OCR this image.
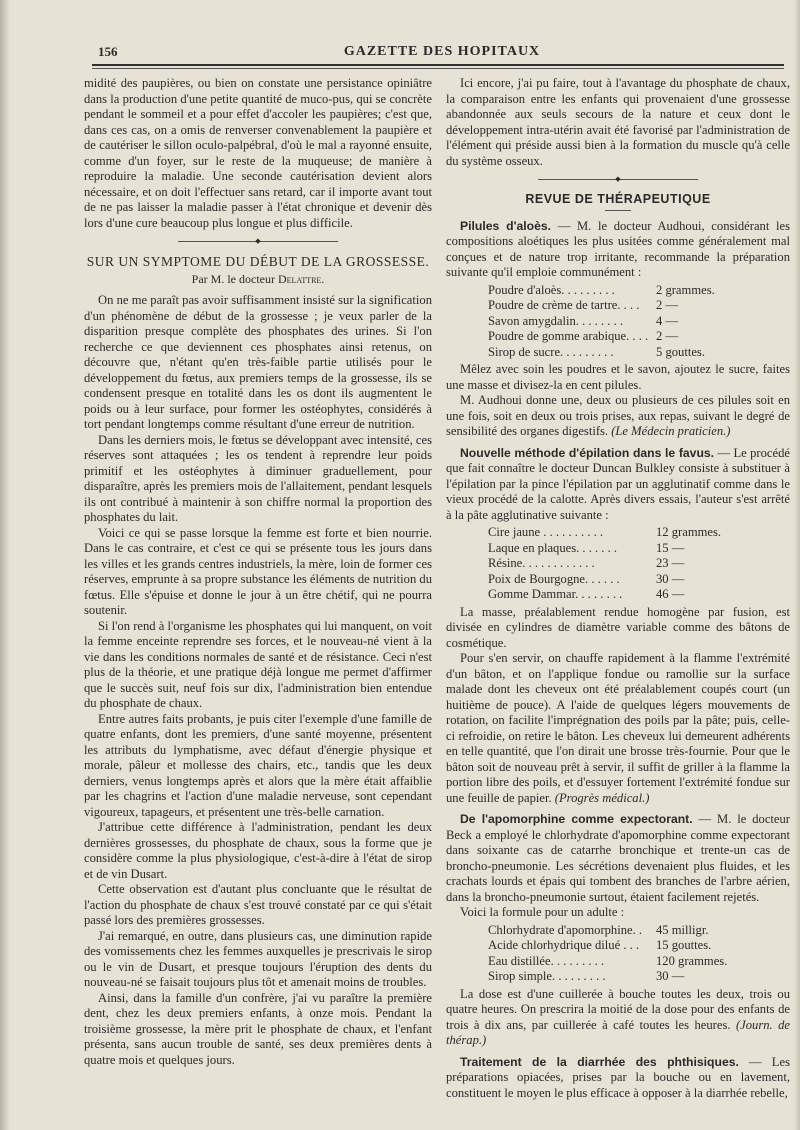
156	GAZETTE DES HOPITAUX

midité des paupières, ou bien on constate une persistance opiniâtre dans la production d'une petite quantité de muco-pus, qui se concrète pendant le sommeil et a pour effet d'accoler les paupières; c'est que, dans ces cas, on a omis de renverser convenablement la paupière et de cautériser le sillon oculo-palpébral, d'où le mal a rayonné ensuite, comme d'un foyer, sur le reste de la muqueuse; de manière à reproduire la maladie. Une seconde cautérisation devient alors nécessaire, et on doit l'effectuer sans retard, car il importe avant tout de ne pas laisser la maladie passer à l'état chronique et devenir dès lors d'une cure beaucoup plus longue et plus difficile.

◆
SUR UN SYMPTOME DU DÉBUT DE LA GROSSESSE.
Par M. le docteur Delattre.

On ne me paraît pas avoir suffisamment insisté sur la signification d'un phénomène de début de la grossesse ; je veux parler de la disparition presque complète des phosphates des urines. Si l'on recherche ce que deviennent ces phosphates ainsi retenus, on découvre que, n'étant qu'en très-faible partie utilisés pour le développement du fœtus, aux premiers temps de la grossesse, ils se condensent presque en totalité dans les os dont ils augmentent le poids ou à leur surface, pour former les ostéophytes, considérés à tort pendant longtemps comme résultant d'une erreur de nutrition.

Dans les derniers mois, le fœtus se développant avec intensité, ces réserves sont attaquées ; les os tendent à reprendre leur poids primitif et les ostéophytes à diminuer graduellement, pour disparaître, après les premiers mois de l'allaitement, pendant lesquels ils ont contribué à maintenir à son chiffre normal la proportion des phosphates du lait.

Voici ce qui se passe lorsque la femme est forte et bien nourrie. Dans le cas contraire, et c'est ce qui se présente tous les jours dans les villes et les grands centres industriels, la mère, loin de former ces réserves, emprunte à sa propre substance les éléments de nutrition du fœtus. Elle s'épuise et donne le jour à un être chétif, qui ne pourra soutenir.

Si l'on rend à l'organisme les phosphates qui lui manquent, on voit la femme enceinte reprendre ses forces, et le nouveau-né vient à la vie dans les conditions normales de santé et de résistance. Ceci n'est plus de la théorie, et une pratique déjà longue me permet d'affirmer que le succès suit, neuf fois sur dix, l'administration bien entendue du phosphate de chaux.

Entre autres faits probants, je puis citer l'exemple d'une famille de quatre enfants, dont les premiers, d'une santé moyenne, présentent les attributs du lymphatisme, avec défaut d'énergie physique et morale, pâleur et mollesse des chairs, etc., tandis que les deux derniers, venus longtemps après et alors que la mère était affaiblie par les chagrins et l'action d'une maladie nerveuse, sont cependant vigoureux, tapageurs, et présentent une très-belle carnation.

J'attribue cette différence à l'administration, pendant les deux dernières grossesses, du phosphate de chaux, sous la forme que je considère comme la plus physiologique, c'est-à-dire à l'état de sirop et de vin Dusart.

Cette observation est d'autant plus concluante que le résultat de l'action du phosphate de chaux s'est trouvé constaté par ce qui s'était passé lors des premières grossesses.

J'ai remarqué, en outre, dans plusieurs cas, une diminution rapide des vomissements chez les femmes auxquelles je prescrivais le sirop ou le vin de Dusart, et presque toujours l'éruption des dents du nouveau-né se faisait toujours plus tôt et amenait moins de troubles.

Ainsi, dans la famille d'un confrère, j'ai vu paraître la première dent, chez les deux premiers enfants, à onze mois. Pendant la troisième grossesse, la mère prit le phosphate de chaux, et l'enfant présenta, sans aucun trouble de santé, ses deux premières dents à quatre mois et quelques jours.

Ici encore, j'ai pu faire, tout à l'avantage du phosphate de chaux, la comparaison entre les enfants qui provenaient d'une grossesse abandonnée aux seuls secours de la nature et ceux dont le développement intra-utérin avait été favorisé par l'administration de l'élément qui préside aussi bien à la formation du muscle qu'à celle du système osseux.

◆
REVUE DE THÉRAPEUTIQUE

Pilules d'aloès. — M. le docteur Audhoui, considérant les compositions aloétiques les plus usitées comme généralement mal conçues et de nature trop irritante, recommande la préparation suivante qu'il emploie communément :

Poudre d'aloès. . . . . . . . .	2 grammes.
Poudre de crème de tartre. . . . 2 —
Savon amygdalin. . . . . . . .	4 —
Poudre de gomme arabique. . . . 2 —
Sirop de sucre. . . . . . . . .	5 gouttes.

Mêlez avec soin les poudres et le savon, ajoutez le sucre, faites une masse et divisez-la en cent pilules.

M. Audhoui donne une, deux ou plusieurs de ces pilules soit en une fois, soit en deux ou trois prises, aux repas, suivant le degré de sensibilité des organes digestifs. (Le Médecin praticien.)

Nouvelle méthode d'épilation dans le favus. — Le procédé que fait connaître le docteur Duncan Bulkley consiste à substituer à l'épilation par la pince l'épilation par un agglutinatif comme dans le vieux procédé de la calotte. Après divers essais, l'auteur s'est arrêté à la pâte agglutinative suivante :

Cire jaune . . . . . . . . . .	12 grammes.
Laque en plaques. . . . . . .	15 —
Résine. . . . . . . . . . . .	23 —
Poix de Bourgogne. . . . . .	30 —
Gomme Dammar. . . . . . . .	46 —

La masse, préalablement rendue homogène par fusion, est divisée en cylindres de diamètre variable comme des bâtons de cosmétique.

Pour s'en servir, on chauffe rapidement à la flamme l'extrémité d'un bâton, et on l'applique fondue ou ramollie sur la surface malade dont les cheveux ont été préalablement coupés court (un huitième de pouce). A l'aide de quelques légers mouvements de rotation, on facilite l'imprégnation des poils par la pâte; puis, celle-ci refroidie, on retire le bâton. Les cheveux lui demeurent adhérents en telle quantité, que l'on dirait une brosse très-fournie. Pour que le bâton soit de nouveau prêt à servir, il suffit de griller à la flamme la portion libre des poils, et d'essuyer fortement l'extrémité fondue sur une feuille de papier. (Progrès médical.)

De l'apomorphine comme expectorant. — M. le docteur Beck a employé le chlorhydrate d'apomorphine comme expectorant dans soixante cas de catarrhe bronchique et trente-un cas de broncho-pneumonie. Les sécrétions devenaient plus fluides, et les crachats lourds et épais qui tombent des branches de l'arbre aérien, dans la broncho-pneumonie surtout, étaient facilement rejetés.

Voici la formule pour un adulte :

Chlorhydrate d'apomorphine. . 45 milligr.
Acide chlorhydrique dilué . . . 15 gouttes.
Eau distillée. . . . . . . . .	120 grammes.
Sirop simple. . . . . . . . .	30 —

La dose est d'une cuillerée à bouche toutes les deux, trois ou quatre heures. On prescrira la moitié de la dose pour des enfants de trois à dix ans, par cuillerée à café toutes les heures. (Journ. de thérap.)

Traitement de la diarrhée des phthisiques. — Les préparations opiacées, prises par la bouche ou en lavement, constituent le moyen le plus efficace à opposer à la diarrhée rebelle,
